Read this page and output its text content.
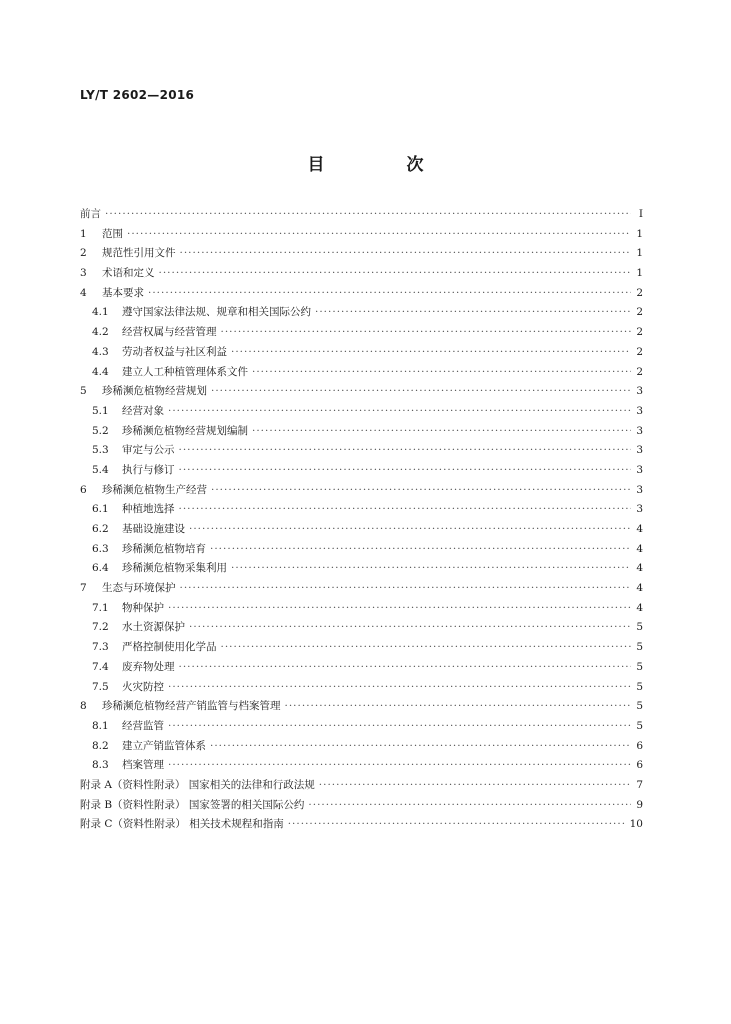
LY/T 2602—2016
目 次
前言 ·····	Ⅰ
1	范围 ·····	1
2	规范性引用文件 ·····	1
3	术语和定义 ·····	1
4	基本要求 ·····	2
4.1	遵守国家法律法规、规章和相关国际公约 ·····	2
4.2	经营权属与经营管理 ·····	2
4.3	劳动者权益与社区利益 ·····	2
4.4	建立人工种植管理体系文件 ·····	2
5	珍稀濒危植物经营规划 ·····	3
5.1	经营对象 ·····	3
5.2	珍稀濒危植物经营规划编制 ·····	3
5.3	审定与公示 ·····	3
5.4	执行与修订 ·····	3
6	珍稀濒危植物生产经营 ·····	3
6.1	种植地选择 ·····	3
6.2	基础设施建设 ·····	4
6.3	珍稀濒危植物培育 ·····	4
6.4	珍稀濒危植物采集利用 ·····	4
7	生态与环境保护 ·····	4
7.1	物种保护 ·····	4
7.2	水土资源保护 ·····	5
7.3	严格控制使用化学品 ·····	5
7.4	废弃物处理 ·····	5
7.5	火灾防控 ·····	5
8	珍稀濒危植物经营产销监管与档案管理 ·····	5
8.1	经营监管 ·····	5
8.2	建立产销监管体系 ·····	6
8.3	档案管理 ·····	6
附录 A（资料性附录） 国家相关的法律和行政法规 ·····	7
附录 B（资料性附录） 国家签署的相关国际公约 ·····	9
附录 C（资料性附录） 相关技术规程和指南 ·····	10
